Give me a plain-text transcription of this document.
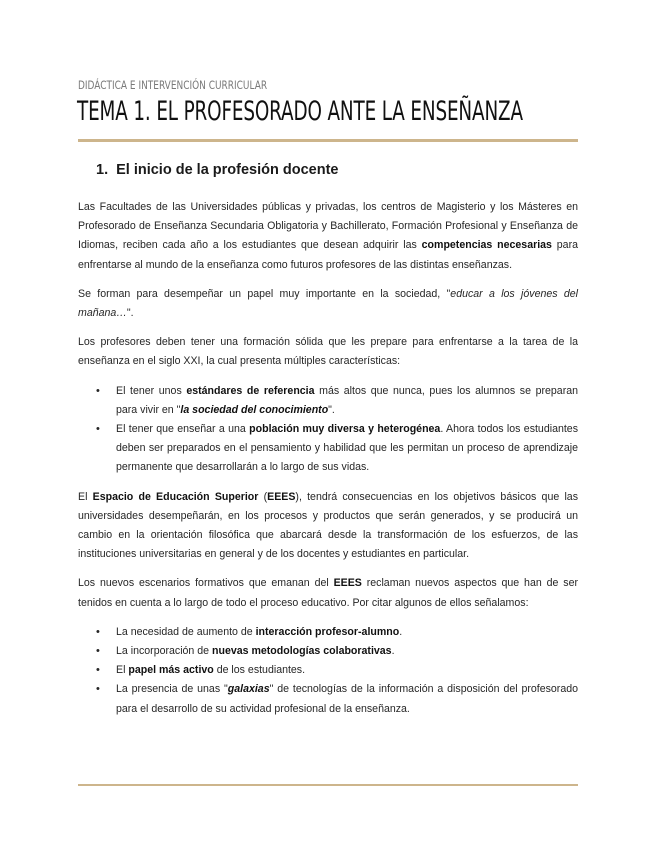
DIDÁCTICA E INTERVENCIÓN CURRICULAR
TEMA 1. EL PROFESORADO ANTE LA ENSEÑANZA
1. El inicio de la profesión docente

Las Facultades de las Universidades públicas y privadas, los centros de Magisterio y los Másteres en Profesorado de Enseñanza Secundaria Obligatoria y Bachillerato, Formación Profesional y Enseñanza de Idiomas, reciben cada año a los estudiantes que desean adquirir las competencias necesarias para enfrentarse al mundo de la enseñanza como futuros profesores de las distintas enseñanzas.

Se forman para desempeñar un papel muy importante en la sociedad, "educar a los jóvenes del mañana…".

Los profesores deben tener una formación sólida que les prepare para enfrentarse a la tarea de la enseñanza en el siglo XXI, la cual presenta múltiples características:

• El tener unos estándares de referencia más altos que nunca, pues los alumnos se preparan para vivir en "la sociedad del conocimiento".
• El tener que enseñar a una población muy diversa y heterogénea. Ahora todos los estudiantes deben ser preparados en el pensamiento y habilidad que les permitan un proceso de aprendizaje permanente que desarrollarán a lo largo de sus vidas.

El Espacio de Educación Superior (EEES), tendrá consecuencias en los objetivos básicos que las universidades desempeñarán, en los procesos y productos que serán generados, y se producirá un cambio en la orientación filosófica que abarcará desde la transformación de los esfuerzos, de las instituciones universitarias en general y de los docentes y estudiantes en particular.

Los nuevos escenarios formativos que emanan del EEES reclaman nuevos aspectos que han de ser tenidos en cuenta a lo largo de todo el proceso educativo. Por citar algunos de ellos señalamos:

• La necesidad de aumento de interacción profesor-alumno.
• La incorporación de nuevas metodologías colaborativas.
• El papel más activo de los estudiantes.
• La presencia de unas "galaxias" de tecnologías de la información a disposición del profesorado para el desarrollo de su actividad profesional de la enseñanza.
